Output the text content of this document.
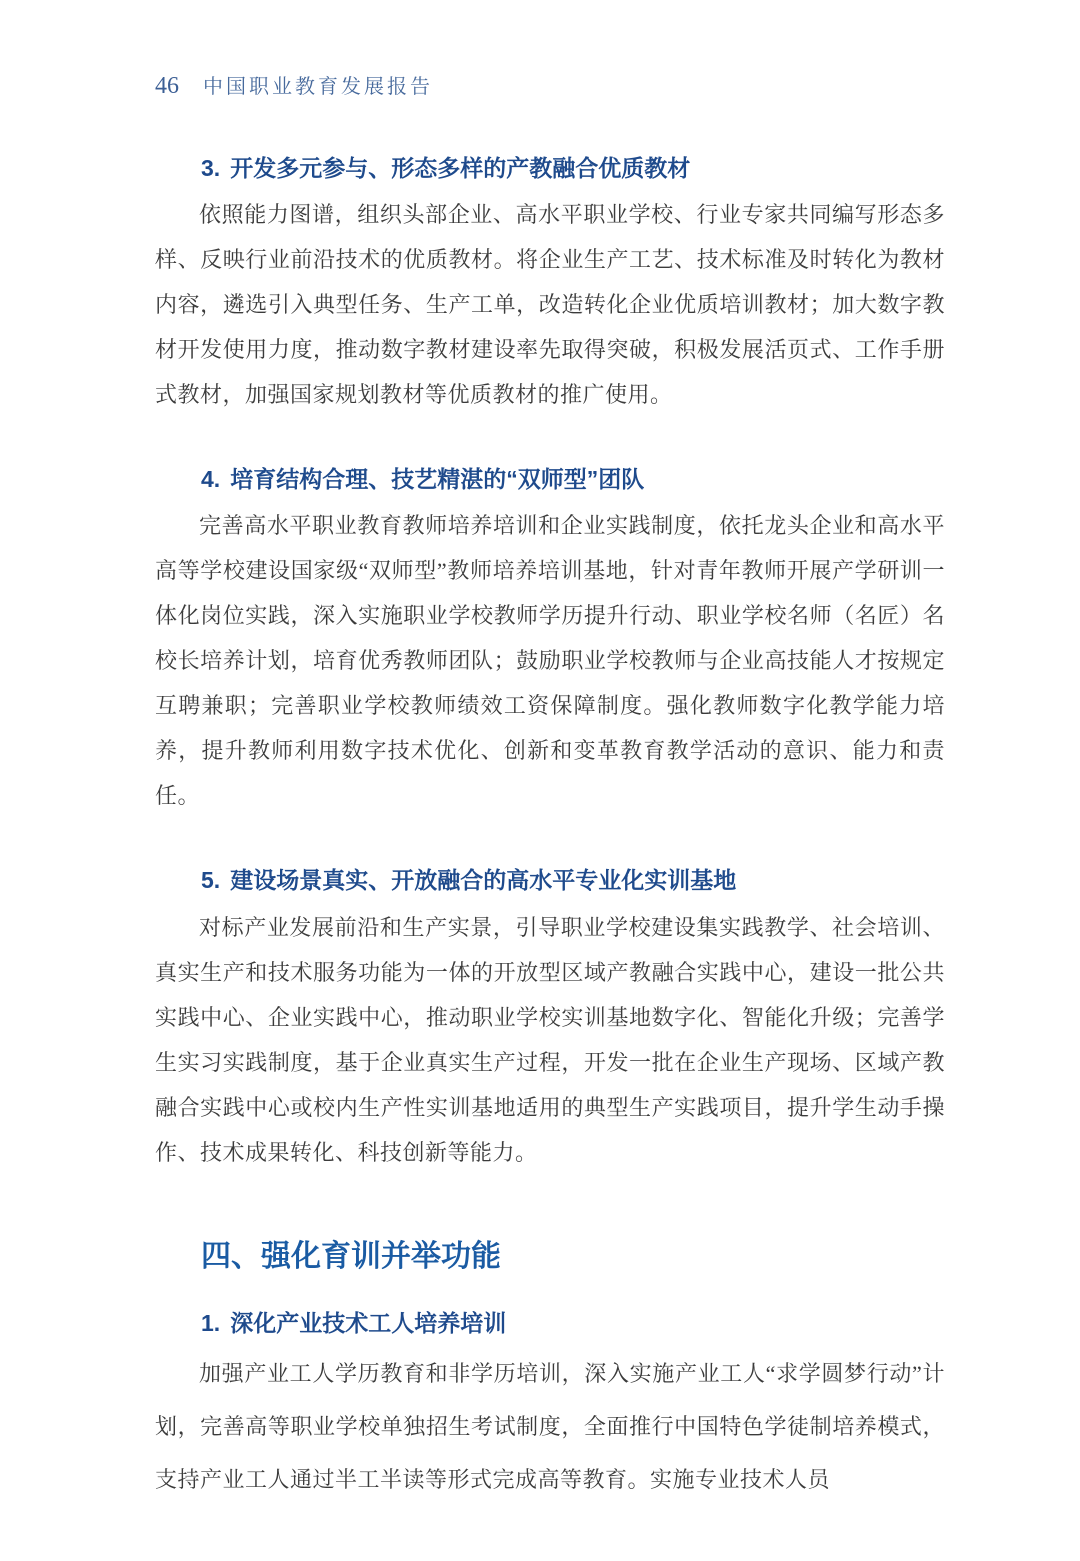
46 中国职业教育发展报告
3. 开发多元参与、形态多样的产教融合优质教材

依照能力图谱，组织头部企业、高水平职业学校、行业专家共同编写形态多样、反映行业前沿技术的优质教材。将企业生产工艺、技术标准及时转化为教材内容，遴选引入典型任务、生产工单，改造转化企业优质培训教材；加大数字教材开发使用力度，推动数字教材建设率先取得突破，积极发展活页式、工作手册式教材，加强国家规划教材等优质教材的推广使用。

4. 培育结构合理、技艺精湛的“双师型”团队

完善高水平职业教育教师培养培训和企业实践制度，依托龙头企业和高水平高等学校建设国家级“双师型”教师培养培训基地，针对青年教师开展产学研训一体化岗位实践，深入实施职业学校教师学历提升行动、职业学校名师（名匠）名校长培养计划，培育优秀教师团队；鼓励职业学校教师与企业高技能人才按规定互聘兼职；完善职业学校教师绩效工资保障制度。强化教师数字化教学能力培养，提升教师利用数字技术优化、创新和变革教育教学活动的意识、能力和责任。

5. 建设场景真实、开放融合的高水平专业化实训基地

对标产业发展前沿和生产实景，引导职业学校建设集实践教学、社会培训、真实生产和技术服务功能为一体的开放型区域产教融合实践中心，建设一批公共实践中心、企业实践中心，推动职业学校实训基地数字化、智能化升级；完善学生实习实践制度，基于企业真实生产过程，开发一批在企业生产现场、区域产教融合实践中心或校内生产性实训基地适用的典型生产实践项目，提升学生动手操作、技术成果转化、科技创新等能力。

四、强化育训并举功能
1. 深化产业技术工人培养培训

加强产业工人学历教育和非学历培训，深入实施产业工人“求学圆梦行动”计划，完善高等职业学校单独招生考试制度，全面推行中国特色学徒制培养模式，支持产业工人通过半工半读等形式完成高等教育。实施专业技术人员
